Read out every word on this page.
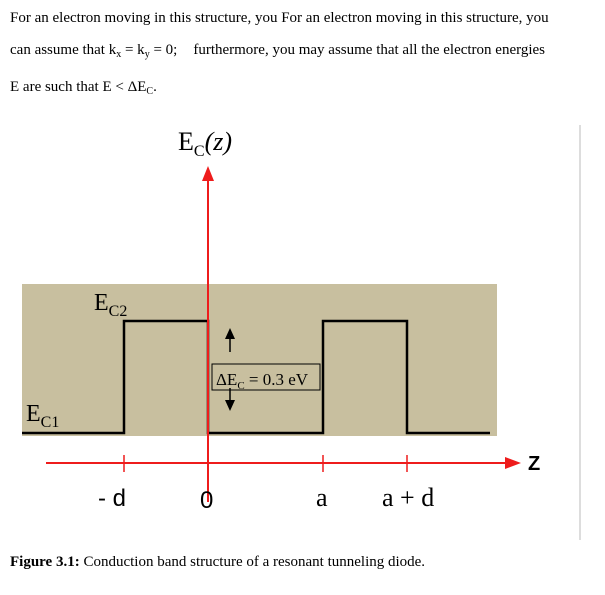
For an electron moving in this structure, you For an electron moving in this structure, you
can assume that $k_x = k_y = 0$; furthermore, you may assume that all the electron energies
E are such that $E < \Delta E_C$.
$\Delta E_C = 0.3$ eV
$E_C(z)$
$E_{C2}$
$E_{C1}$
Z
- d	0	a a + d
Figure 3.1: Conduction band structure of a resonant tunneling diode.
